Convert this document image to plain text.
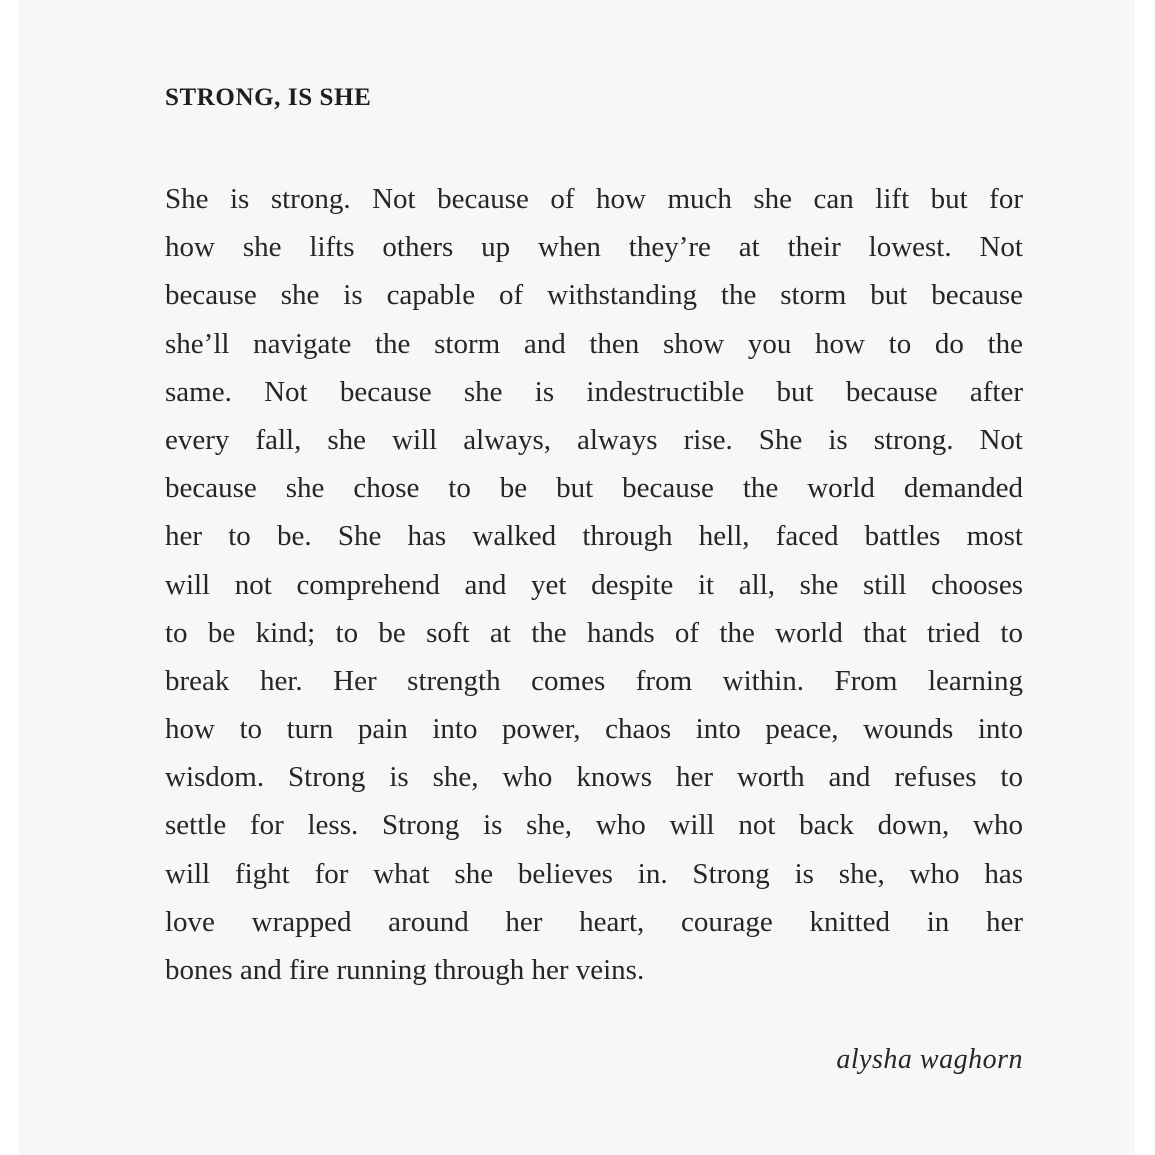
STRONG, IS SHE
She is strong. Not because of how much she can lift but for
how she lifts others up when they’re at their lowest. Not
because she is capable of withstanding the storm but because
she’ll navigate the storm and then show you how to do the
same. Not because she is indestructible but because after
every fall, she will always, always rise. She is strong. Not
because she chose to be but because the world demanded
her to be. She has walked through hell, faced battles most
will not comprehend and yet despite it all, she still chooses
to be kind; to be soft at the hands of the world that tried to
break her. Her strength comes from within. From learning
how to turn pain into power, chaos into peace, wounds into
wisdom. Strong is she, who knows her worth and refuses to
settle for less. Strong is she, who will not back down, who
will fight for what she believes in. Strong is she, who has
love wrapped around her heart, courage knitted in her
bones and fire running through her veins.

alysha waghorn
